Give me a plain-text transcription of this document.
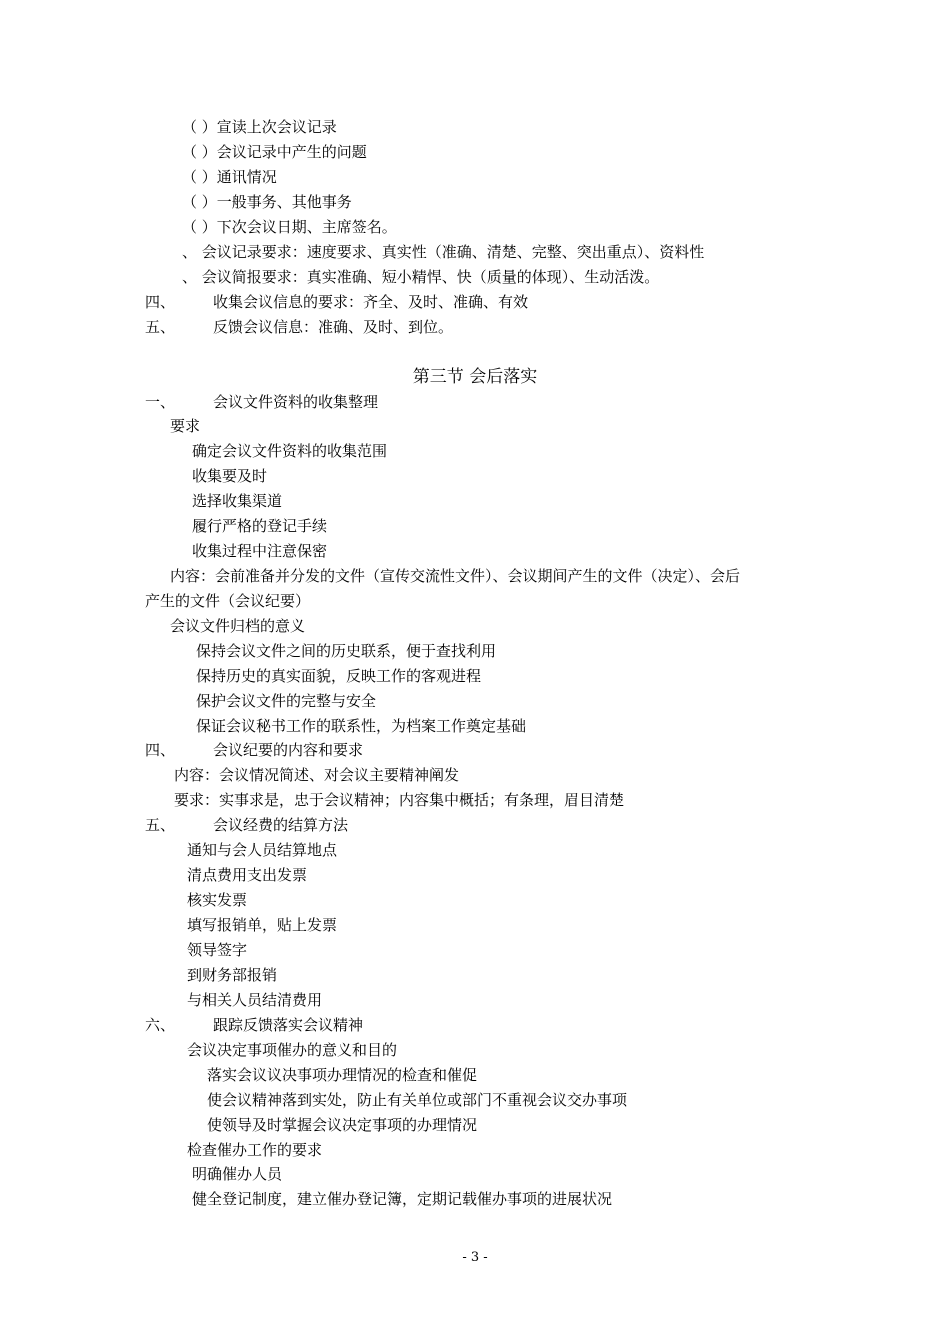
（ ）宣读上次会议记录
（ ）会议记录中产生的问题
（ ）通讯情况
（ ）一般事务、其他事务
（ ）下次会议日期、主席签名。
、 会议记录要求：速度要求、真实性（准确、清楚、完整、突出重点）、资料性
、 会议简报要求：真实准确、短小精悍、快（质量的体现）、生动活泼。
四、	收集会议信息的要求：齐全、及时、准确、有效
五、	反馈会议信息：准确、及时、到位。
第三节 会后落实
一、	会议文件资料的收集整理
要求
确定会议文件资料的收集范围
收集要及时
选择收集渠道
履行严格的登记手续
收集过程中注意保密
内容：会前准备并分发的文件（宣传交流性文件）、会议期间产生的文件（决定）、会后
产生的文件（会议纪要）
会议文件归档的意义
保持会议文件之间的历史联系，便于查找利用
保持历史的真实面貌，反映工作的客观进程
保护会议文件的完整与安全
保证会议秘书工作的联系性，为档案工作奠定基础
四、	会议纪要的内容和要求
内容：会议情况简述、对会议主要精神阐发
要求：实事求是，忠于会议精神；内容集中概括；有条理，眉目清楚
五、	会议经费的结算方法
通知与会人员结算地点
清点费用支出发票
核实发票
填写报销单，贴上发票
领导签字
到财务部报销
与相关人员结清费用
六、	跟踪反馈落实会议精神
会议决定事项催办的意义和目的
落实会议议决事项办理情况的检查和催促
使会议精神落到实处，防止有关单位或部门不重视会议交办事项
使领导及时掌握会议决定事项的办理情况
检查催办工作的要求
明确催办人员
健全登记制度，建立催办登记簿，定期记载催办事项的进展状况
- 3 -
